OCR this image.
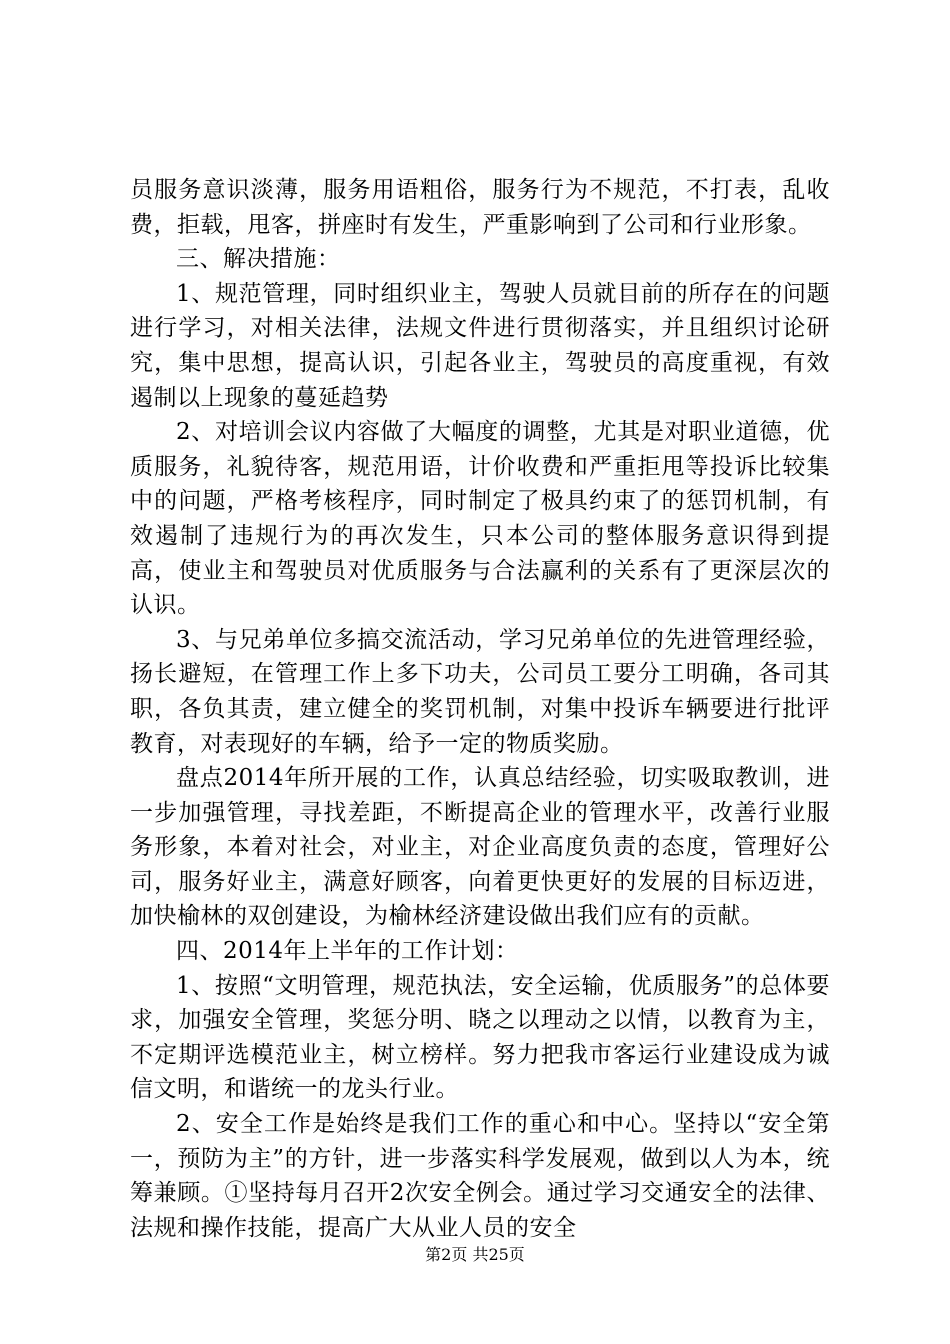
员服务意识淡薄，服务用语粗俗，服务行为不规范，不打表，乱收费，拒载，甩客，拼座时有发生，严重影响到了公司和行业形象。

三、解决措施：

1、规范管理，同时组织业主，驾驶人员就目前的所存在的问题进行学习，对相关法律，法规文件进行贯彻落实，并且组织讨论研究，集中思想，提高认识，引起各业主，驾驶员的高度重视，有效遏制以上现象的蔓延趋势

2、对培训会议内容做了大幅度的调整，尤其是对职业道德，优质服务，礼貌待客，规范用语，计价收费和严重拒甩等投诉比较集中的问题，严格考核程序，同时制定了极具约束了的惩罚机制，有效遏制了违规行为的再次发生，只本公司的整体服务意识得到提高，使业主和驾驶员对优质服务与合法赢利的关系有了更深层次的认识。

3、与兄弟单位多搞交流活动，学习兄弟单位的先进管理经验，扬长避短，在管理工作上多下功夫，公司员工要分工明确，各司其职，各负其责，建立健全的奖罚机制，对集中投诉车辆要进行批评教育，对表现好的车辆，给予一定的物质奖励。

盘点2014年所开展的工作，认真总结经验，切实吸取教训，进一步加强管理，寻找差距，不断提高企业的管理水平，改善行业服务形象，本着对社会，对业主，对企业高度负责的态度，管理好公司，服务好业主，满意好顾客，向着更快更好的发展的目标迈进，加快榆林的双创建设，为榆林经济建设做出我们应有的贡献。

四、2014年上半年的工作计划：

1、按照“文明管理，规范执法，安全运输，优质服务”的总体要求，加强安全管理，奖惩分明、晓之以理动之以情，以教育为主，不定期评选模范业主，树立榜样。努力把我市客运行业建设成为诚信文明，和谐统一的龙头行业。

2、安全工作是始终是我们工作的重心和中心。坚持以“安全第一，预防为主”的方针，进一步落实科学发展观，做到以人为本，统筹兼顾。①坚持每月召开2次安全例会。通过学习交通安全的法律、法规和操作技能，提高广大从业人员的安全

第2页 共25页
